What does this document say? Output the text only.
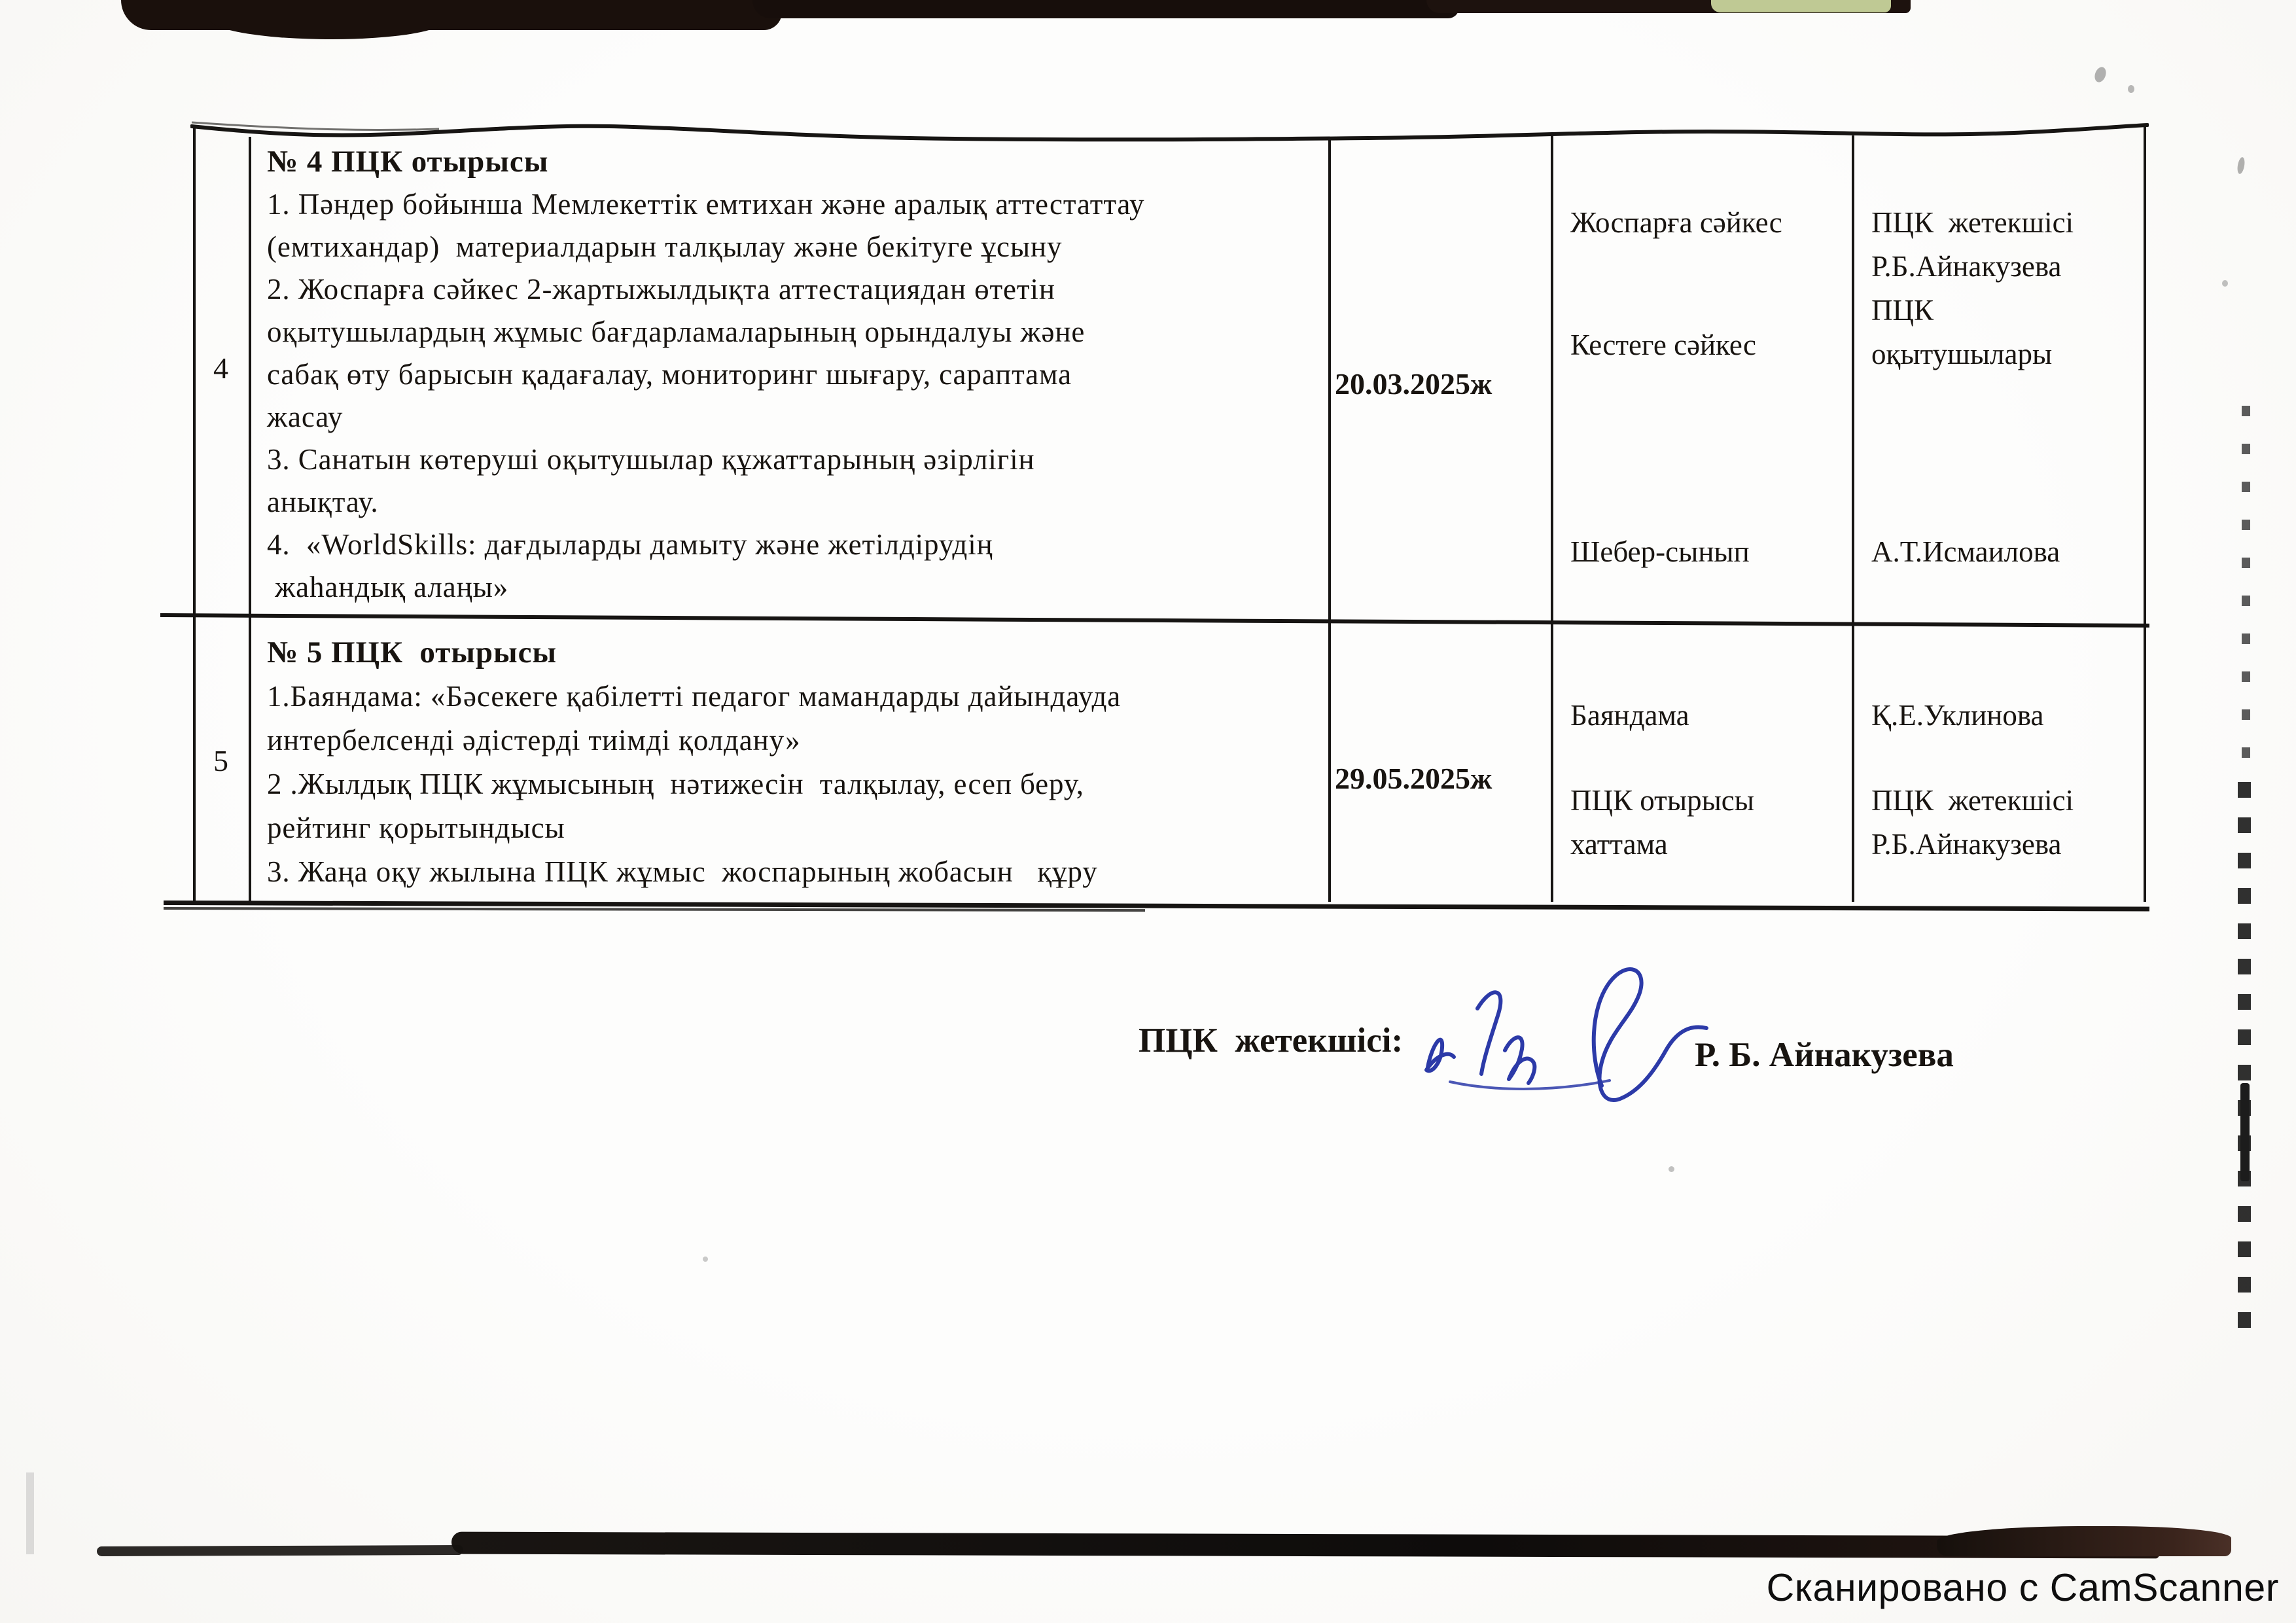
4
№ 4 ПЦК отырысы
1. Пәндер бойынша Мемлекеттік емтихан және аралық аттестаттау
(емтихандар)  материалдарын талқылау және бекітуге ұсыну
2. Жоспарға сәйкес 2-жартыжылдықта аттестациядан өтетін
оқытушылардың жұмыс бағдарламаларының орындалуы және
сабақ өту барысын қадағалау, мониторинг шығару, сараптама
жасау
3. Санатын көтеруші оқытушылар құжаттарының әзірлігін
анықтау.
4.  «WorldSkills: дағдыларды дамыту және жетілдірудің
жаһандық алаңы»
20.03.2025ж
Жоспарға сәйкес
Кестеге сәйкес
Шебер-сынып
ПЦК  жетекшісі
Р.Б.Айнакузева
ПЦК
оқытушылары
А.Т.Исмаилова
5
№ 5 ПЦК  отырысы
1.Баяндама: «Бәсекеге қабілетті педагог мамандарды дайындауда
интербелсенді әдістерді тиімді қолдану»
2 .Жылдық ПЦК жұмысының  нәтижесін  талқылау, есеп беру,
рейтинг қорытындысы
3. Жаңа оқу жылына ПЦК жұмыс  жоспарының жобасын   құру
29.05.2025ж
Баяндама
ПЦК отырысы
хаттама
Қ.Е.Уклинова
ПЦК  жетекшісі
Р.Б.Айнакузева
ПЦК  жетекшісі:	Р. Б. Айнакузева
Сканировано с CamScanner
